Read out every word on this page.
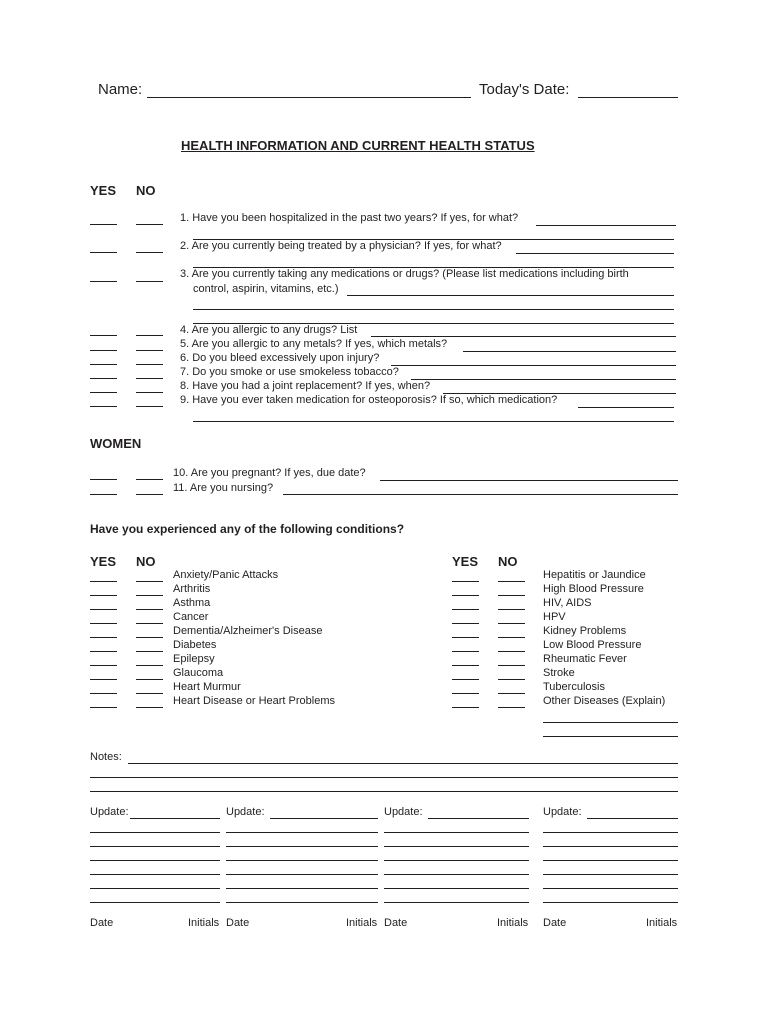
Name:	Today's Date:
HEALTH INFORMATION AND CURRENT HEALTH STATUS
YES NO
1. Have you been hospitalized in the past two years? If yes, for what?
2. Are you currently being treated by a physician? If yes, for what?
3. Are you currently taking any medications or drugs? (Please list medications including birth
control, aspirin, vitamins, etc.)
4. Are you allergic to any drugs? List
5. Are you allergic to any metals? If yes, which metals?
6. Do you bleed excessively upon injury?
7. Do you smoke or use smokeless tobacco?
8. Have you had a joint replacement? If yes, when?
9. Have you ever taken medication for osteoporosis? If so, which medication?
WOMEN
10. Are you pregnant? If yes, due date?
11. Are you nursing?
Have you experienced any of the following conditions?
YES NO	YES NO
Anxiety/Panic Attacks
Arthritis
Asthma
Cancer
Dementia/Alzheimer's Disease
Diabetes
Epilepsy
Glaucoma
Heart Murmur
Heart Disease or Heart Problems
Hepatitis or Jaundice
High Blood Pressure
HIV, AIDS
HPV
Kidney Problems
Low Blood Pressure
Rheumatic Fever
Stroke
Tuberculosis
Other Diseases (Explain)
Notes:
Update:
Date	Initials
Update:
Date	Initials
Update:
Date	Initials
Update:
Date	Initials
